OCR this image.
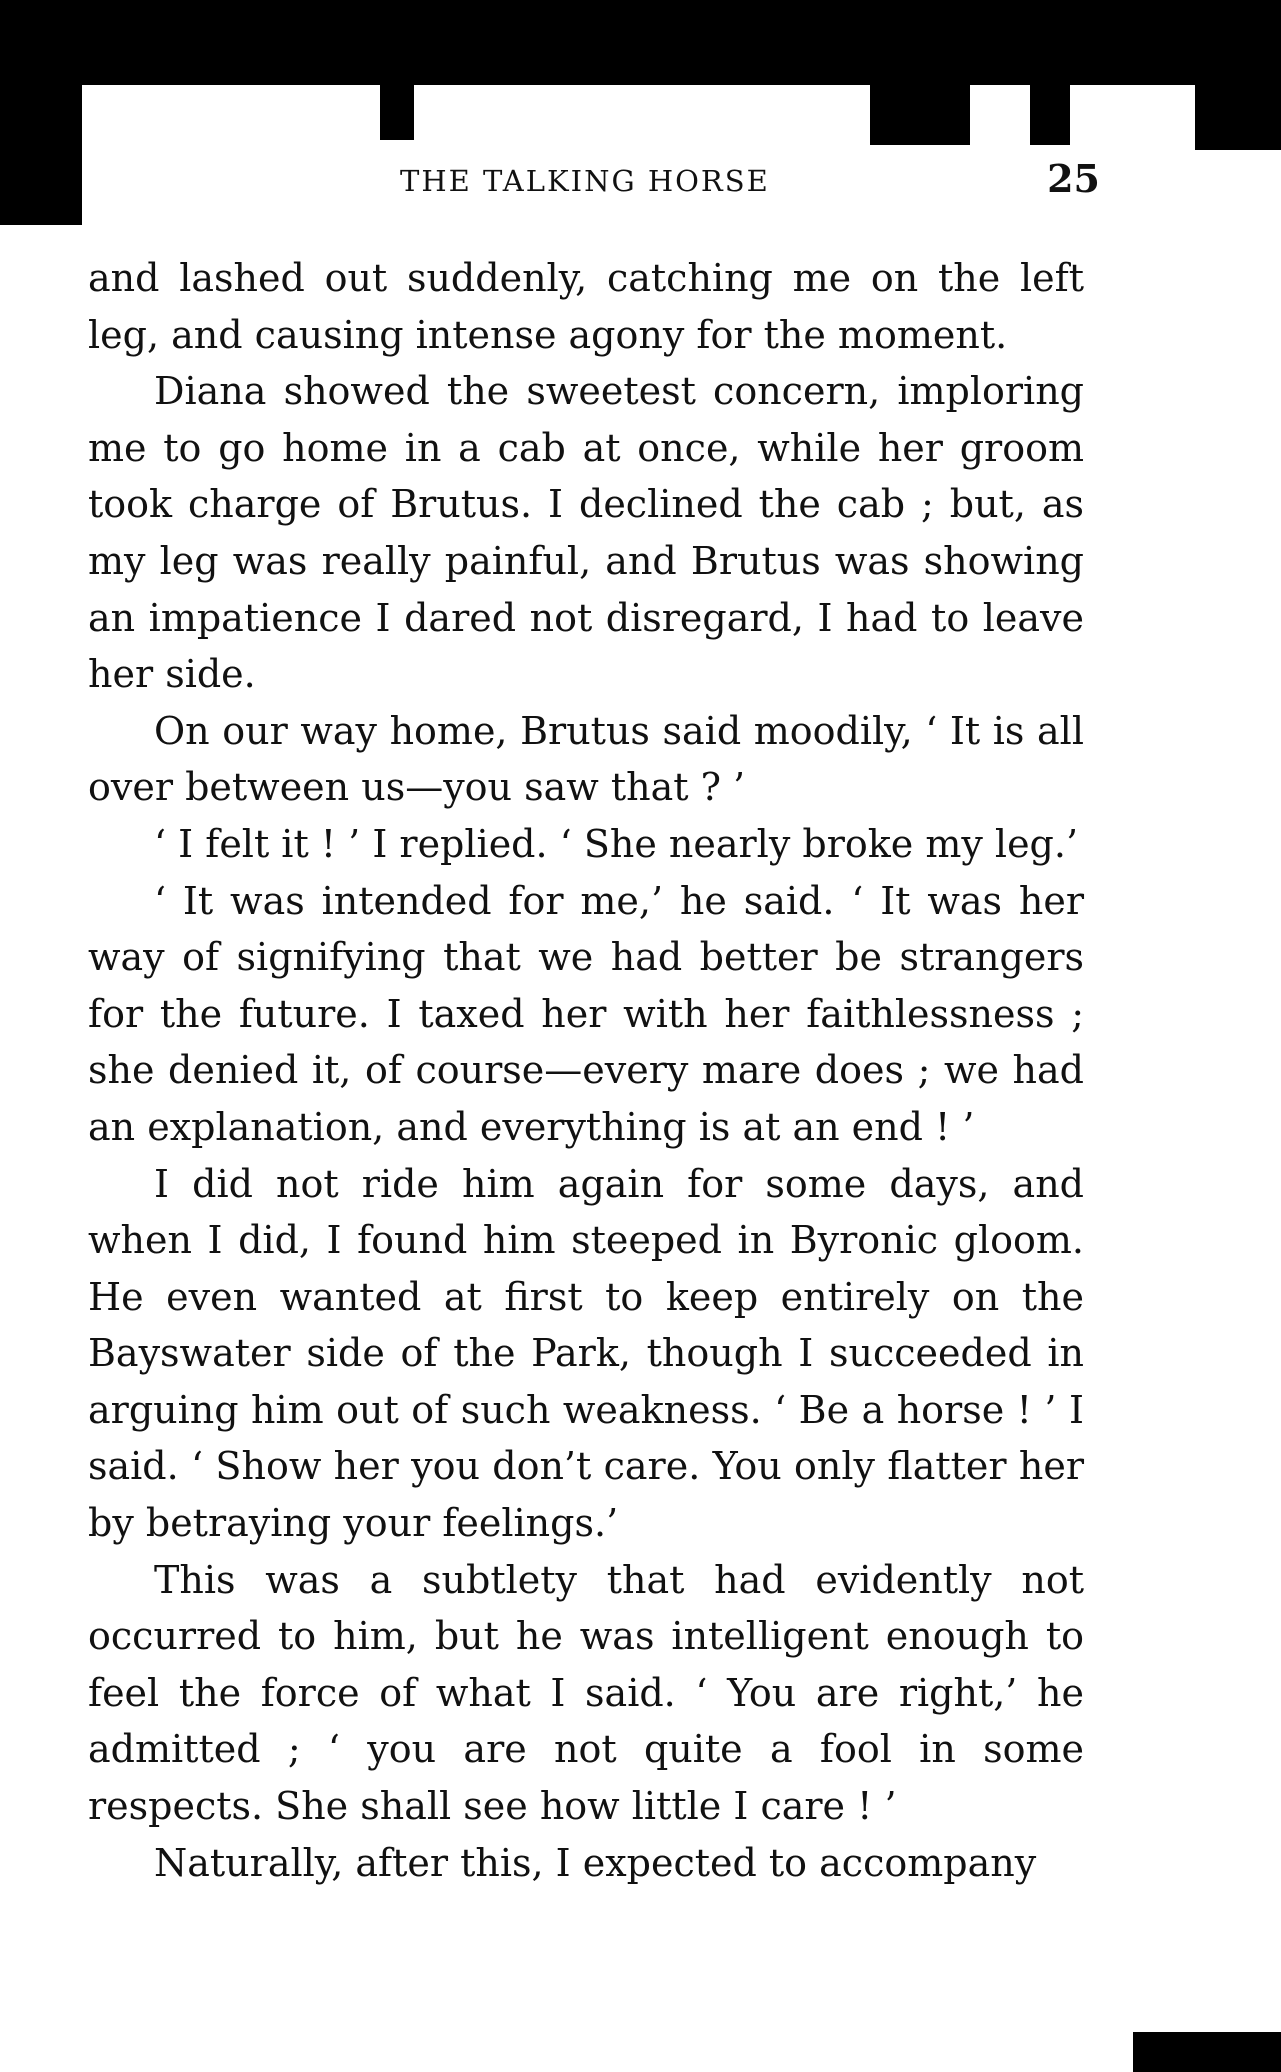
THE TALKING HORSE	25

and lashed out suddenly, catching me on the left leg, and causing intense agony for the moment.

Diana showed the sweetest concern, imploring me to go home in a cab at once, while her groom took charge of Brutus. I declined the cab ; but, as my leg was really painful, and Brutus was showing an impatience I dared not disregard, I had to leave her side.

On our way home, Brutus said moodily, ‘ It is all over between us—you saw that ? ’

‘ I felt it ! ’ I replied. ‘ She nearly broke my leg.’

‘ It was intended for me,’ he said. ‘ It was her way of signifying that we had better be strangers for the future. I taxed her with her faithlessness ; she denied it, of course—every mare does ; we had an explanation, and everything is at an end ! ’

I did not ride him again for some days, and when I did, I found him steeped in Byronic gloom. He even wanted at first to keep entirely on the Bayswater side of the Park, though I succeeded in arguing him out of such weakness. ‘ Be a horse ! ’ I said. ‘ Show her you don’t care. You only flatter her by betraying your feelings.’

This was a subtlety that had evidently not occurred to him, but he was intelligent enough to feel the force of what I said. ‘ You are right,’ he admitted ; ‘ you are not quite a fool in some respects. She shall see how little I care ! ’

Naturally, after this, I expected to accompany
